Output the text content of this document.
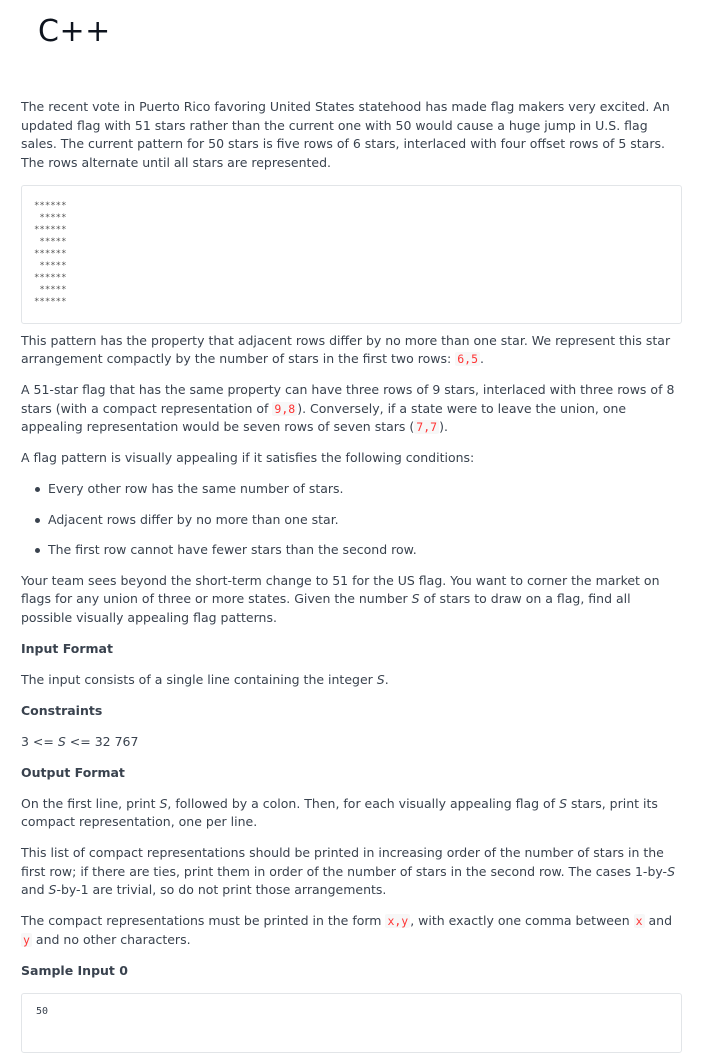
C++

The recent vote in Puerto Rico favoring United States statehood has made flag makers very excited. An updated flag with 51 stars rather than the current one with 50 would cause a huge jump in U.S. flag sales. The current pattern for 50 stars is five rows of 6 stars, interlaced with four offset rows of 5 stars. The rows alternate until all stars are represented.

******
*****
******
*****
******
*****
******
*****
******

This pattern has the property that adjacent rows differ by no more than one star. We represent this star arrangement compactly by the number of stars in the first two rows: 6,5 .

A 51-star flag that has the same property can have three rows of 9 stars, interlaced with three rows of 8 stars (with a compact representation of 9,8 ). Conversely, if a state were to leave the union, one appealing representation would be seven rows of seven stars ( 7,7 ).

A flag pattern is visually appealing if it satisfies the following conditions:

Every other row has the same number of stars.
Adjacent rows differ by no more than one star.
The first row cannot have fewer stars than the second row.

Your team sees beyond the short-term change to 51 for the US flag. You want to corner the market on flags for any union of three or more states. Given the number S of stars to draw on a flag, find all possible visually appealing flag patterns.

Input Format

The input consists of a single line containing the integer S.

Constraints

3 <= S <= 32 767

Output Format

On the first line, print S, followed by a colon. Then, for each visually appealing flag of S stars, print its compact representation, one per line.

This list of compact representations should be printed in increasing order of the number of stars in the first row; if there are ties, print them in order of the number of stars in the second row. The cases 1-by-S and S-by-1 are trivial, so do not print those arrangements.

The compact representations must be printed in the form x,y , with exactly one comma between x and y and no other characters.

Sample Input 0
50
